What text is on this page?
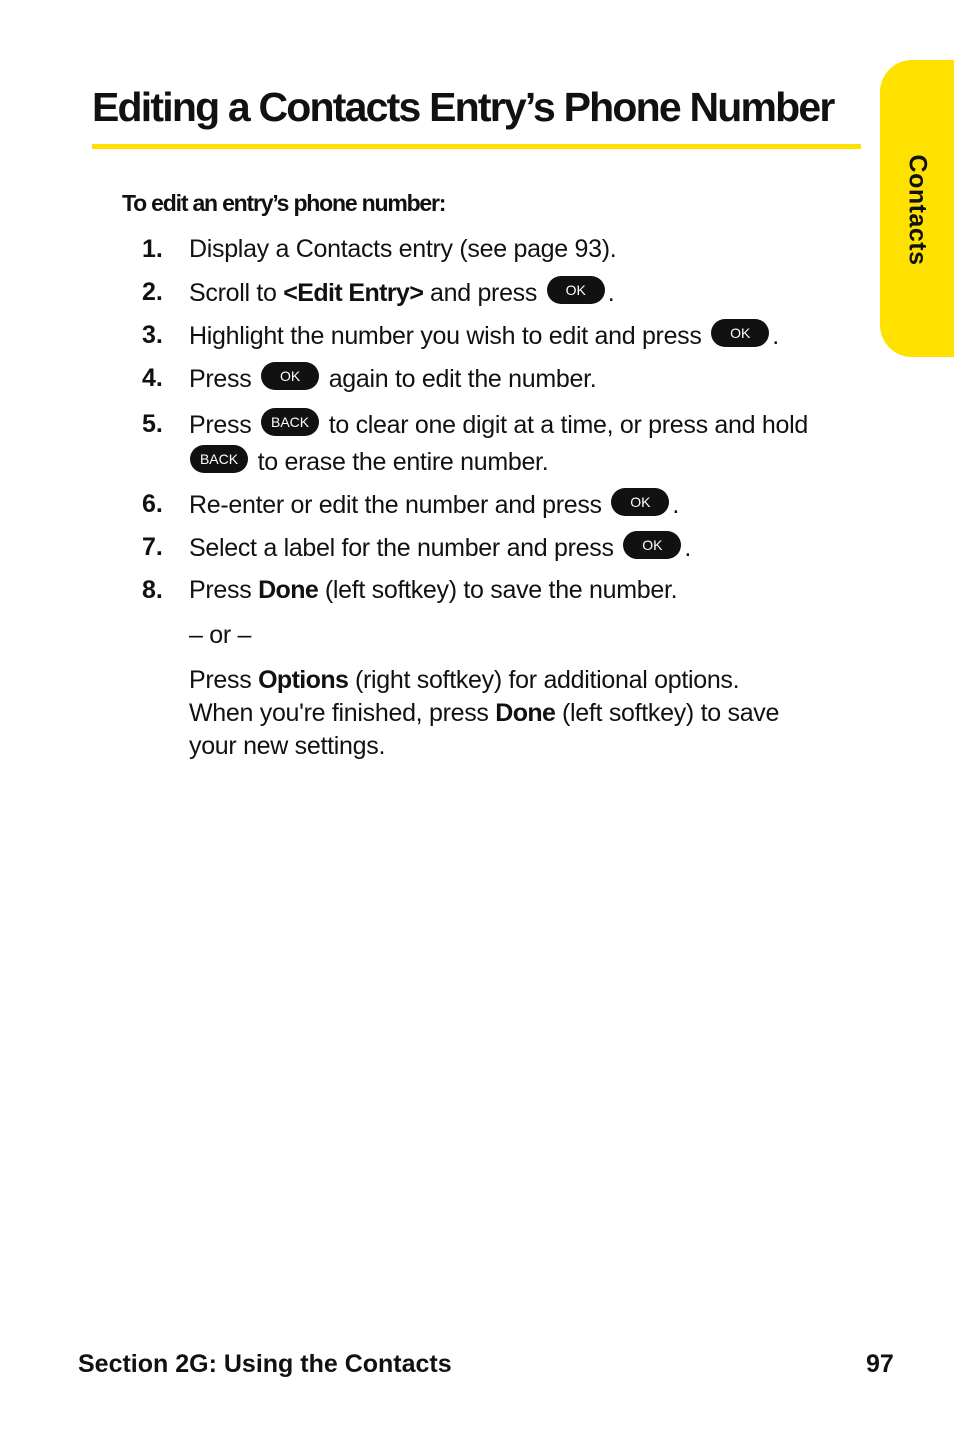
Contacts
Editing a Contacts Entry’s Phone Number
To edit an entry’s phone number:
1. Display a Contacts entry (see page 93).
2. Scroll to <Edit Entry> and press OK .
3. Highlight the number you wish to edit and press OK .
4. Press OK again to edit the number.
5. Press BACK to clear one digit at a time, or press and hold
BACK to erase the entire number.
6. Re-enter or edit the number and press OK .
7. Select a label for the number and press OK .
8. Press Done (left softkey) to save the number.
– or –
Press Options (right softkey) for additional options.
When you're finished, press Done (left softkey) to save
your new settings.
Section 2G: Using the Contacts	97
